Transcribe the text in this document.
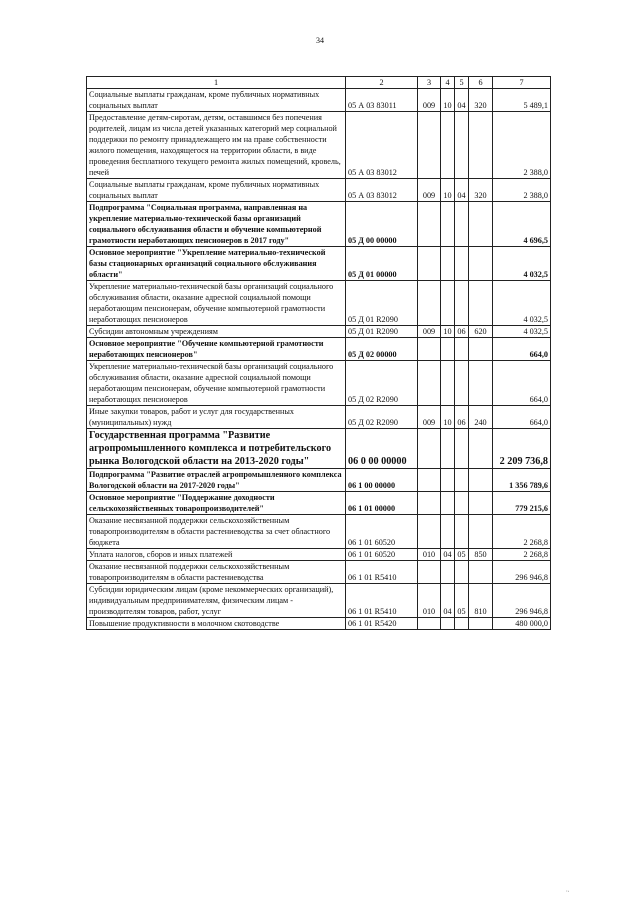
34
1	2	3	4	5	6	7
Социальные выплаты гражданам, кроме публичных нормативных социальных выплат	05 А 03 83011	009	10	04	320	5 489,1
Предоставление детям-сиротам, детям, оставшимся без попечения родителей, лицам из числа детей указанных категорий мер социальной поддержки по ремонту принадлежащего им на праве собственности жилого помещения, находящегося на территории области, в виде проведения бесплатного текущего ремонта жилых помещений, кровель, печей	05 А 03 83012					2 388,0
Социальные выплаты гражданам, кроме публичных нормативных социальных выплат	05 А 03 83012	009	10	04	320	2 388,0
Подпрограмма "Социальная программа, направленная на укрепление материально-технической базы организаций социального обслуживания области и обучение компьютерной грамотности неработающих пенсионеров в 2017 году"	05 Д 00 00000					4 696,5
Основное мероприятие "Укрепление материально-технической базы стационарных организаций социального обслуживания области"	05 Д 01 00000					4 032,5
Укрепление материально-технической базы организаций социального обслуживания области, оказание адресной социальной помощи неработающим пенсионерам, обучение компьютерной грамотности неработающих пенсионеров	05 Д 01 R2090					4 032,5
Субсидии автономным учреждениям	05 Д 01 R2090	009	10	06	620	4 032,5
Основное мероприятие "Обучение компьютерной грамотности неработающих пенсионеров"	05 Д 02 00000					664,0
Укрепление материально-технической базы организаций социального обслуживания области, оказание адресной социальной помощи неработающим пенсионерам, обучение компьютерной грамотности неработающих пенсионеров	05 Д 02 R2090					664,0
Иные закупки товаров, работ и услуг для государственных (муниципальных) нужд	05 Д 02 R2090	009	10	06	240	664,0
Государственная программа "Развитие агропромышленного комплекса и потребительского рынка Вологодской области на 2013-2020 годы"	06 0 00 00000					2 209 736,8
Подпрограмма "Развитие отраслей агропромышленного комплекса Вологодской области на 2017-2020 годы"	06 1 00 00000					1 356 789,6
Основное мероприятие "Поддержание доходности сельскохозяйственных товаропроизводителей"	06 1 01 00000					779 215,6
Оказание несвязанной поддержки сельскохозяйственным товаропроизводителям в области растениеводства за счет областного бюджета	06 1 01 60520					2 268,8
Уплата налогов, сборов и иных платежей	06 1 01 60520	010	04	05	850	2 268,8
Оказание несвязанной поддержки сельскохозяйственным товаропроизводителям в области растениеводства	06 1 01 R5410					296 946,8
Субсидии юридическим лицам (кроме некоммерческих организаций), индивидуальным предпринимателям, физическим лицам - производителям товаров, работ, услуг	06 1 01 R5410	010	04	05	810	296 946,8
Повышение продуктивности в молочном скотоводстве	06 1 01 R5420					480 000,0
ʼʻ
